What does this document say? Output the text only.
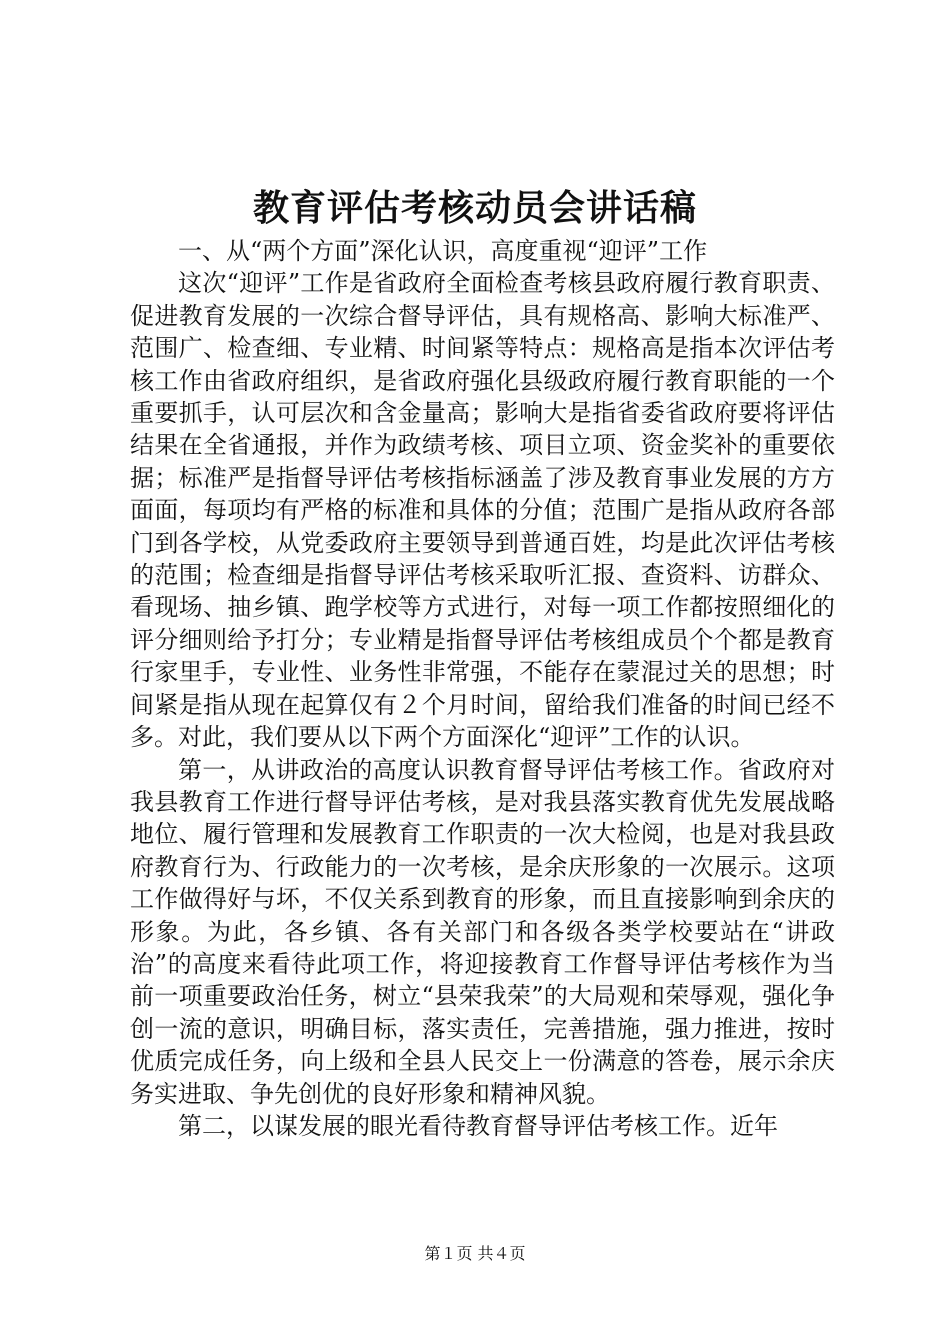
教育评估考核动员会讲话稿

一、从“两个方面”深化认识，高度重视“迎评”工作

这次“迎评”工作是省政府全面检查考核县政府履行教育职责、促进教育发展的一次综合督导评估，具有规格高、影响大标准严、范围广、检查细、专业精、时间紧等特点：规格高是指本次评估考核工作由省政府组织，是省政府强化县级政府履行教育职能的一个重要抓手，认可层次和含金量高；影响大是指省委省政府要将评估结果在全省通报，并作为政绩考核、项目立项、资金奖补的重要依据；标准严是指督导评估考核指标涵盖了涉及教育事业发展的方方面面，每项均有严格的标准和具体的分值；范围广是指从政府各部门到各学校，从党委政府主要领导到普通百姓，均是此次评估考核的范围；检查细是指督导评估考核采取听汇报、查资料、访群众、看现场、抽乡镇、跑学校等方式进行，对每一项工作都按照细化的评分细则给予打分；专业精是指督导评估考核组成员个个都是教育行家里手，专业性、业务性非常强，不能存在蒙混过关的思想；时间紧是指从现在起算仅有２个月时间，留给我们准备的时间已经不多。对此，我们要从以下两个方面深化“迎评”工作的认识。

第一，从讲政治的高度认识教育督导评估考核工作。省政府对我县教育工作进行督导评估考核，是对我县落实教育优先发展战略地位、履行管理和发展教育工作职责的一次大检阅，也是对我县政府教育行为、行政能力的一次考核，是余庆形象的一次展示。这项工作做得好与坏，不仅关系到教育的形象，而且直接影响到余庆的形象。为此，各乡镇、各有关部门和各级各类学校要站在“讲政治”的高度来看待此项工作，将迎接教育工作督导评估考核作为当前一项重要政治任务，树立“县荣我荣”的大局观和荣辱观，强化争创一流的意识，明确目标，落实责任，完善措施，强力推进，按时优质完成任务，向上级和全县人民交上一份满意的答卷，展示余庆务实进取、争先创优的良好形象和精神风貌。

第二，以谋发展的眼光看待教育督导评估考核工作。近年

第１页 共４页
